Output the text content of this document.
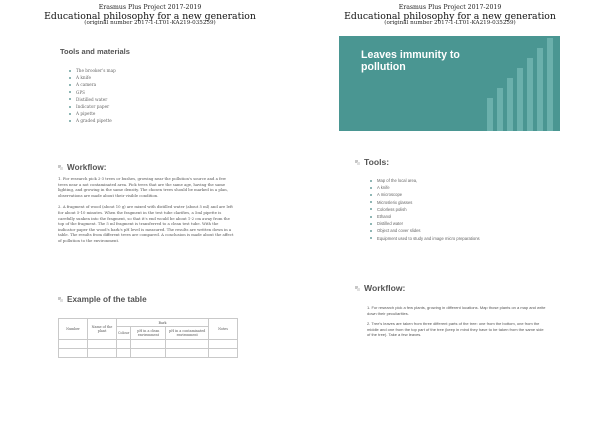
Erasmus Plus Project 2017-2019
Educational philosophy for a new generation
(original number 2017-1-LT01-KA219-035259)
Tools and materials
The brooker's map
A knife
A camera
GPS
Distilled water
Indicator paper
A pipette
A graded pipette
Workflow:

1. For research pick 2-3 trees or bushes, growing near the pollution's source and a few trees near a not contaminated area. Pick trees that are the same age, having the same lighting, and growing in the same density. The chosen trees should be marked in a plan, observations are made about their visible condition.

2. A fragment of wood (about 10 g) are mixed with distilled water (about 5 ml) and are left for about 5-10 minutes. When the fragment in the test tube clarifies, a 5ml pipette is carefully sunken into the fragment, so that it's end would be about 1-2 cm away from the top of the fragment. The 5 ml fragment is transferred to a clean test tube. With the indicator paper the wood's bark's pH level is measured. The results are written down in a table. The results from different trees are compared. A conclusion is made about the affect of pollution to the environment.

Example of the table
Number	Name of the plant	Bark			Notes
		Colour	pH in a clean environment	pH in a contaminated environment	

Erasmus Plus Project 2017-2019
Educational philosophy for a new generation
(original number 2017-1-LT01-KA219-035259)
Leaves immunity to pollution
Tools:
Map of the local area,
A knife
A microscope
Microslerix glasses
Colorless polish
Ethanol
Distilled water
Object and cover slides
Equipment used to study and image micro preparations
Workflow:

1. For research pick a few plants, growing in different locations. Map those plants on a map and write down their peculiarities.

2. Tree's leaves are taken from three different parts of the tree: one from the bottom, one from the middle and one from the top part of the tree (keep in mind they have to be taken from the same side of the tree). Take a few leaves.
